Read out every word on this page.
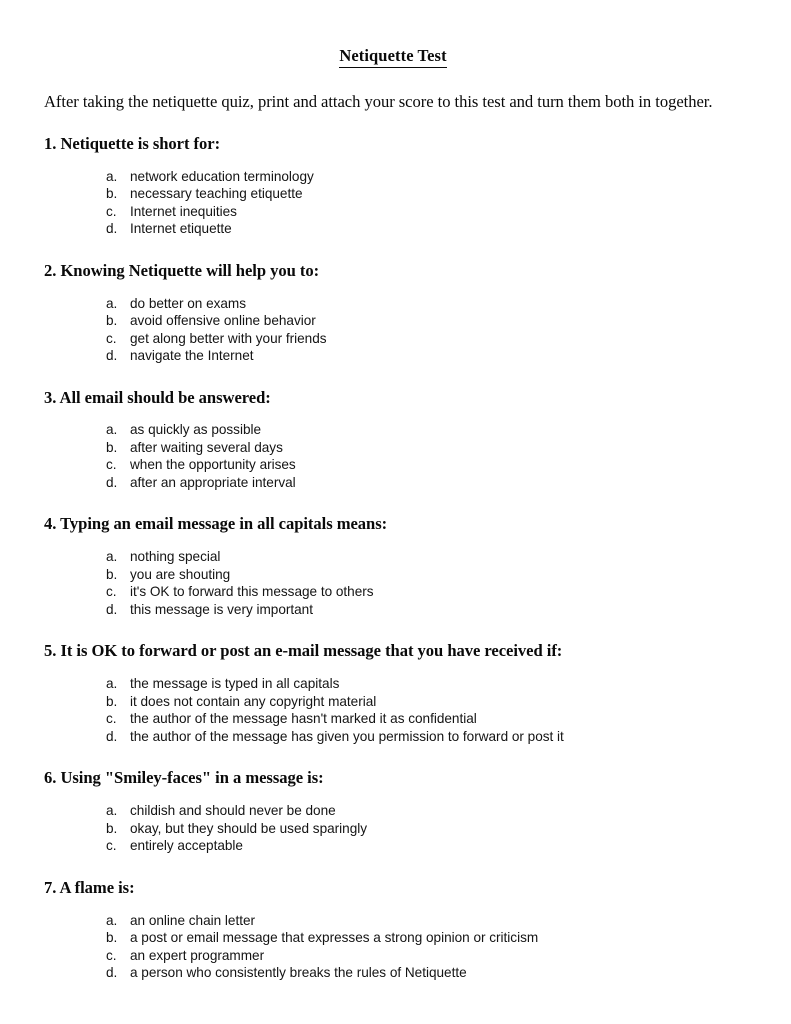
Netiquette Test

After taking the netiquette quiz, print and attach your score to this test and turn them both in together.

1. Netiquette is short for:

a. network education terminology
b. necessary teaching etiquette
c. Internet inequities
d. Internet etiquette

2. Knowing Netiquette will help you to:

a. do better on exams
b. avoid offensive online behavior
c. get along better with your friends
d. navigate the Internet

3. All email should be answered:

a. as quickly as possible
b. after waiting several days
c. when the opportunity arises
d. after an appropriate interval

4. Typing an email message in all capitals means:

a. nothing special
b. you are shouting
c. it's OK to forward this message to others
d. this message is very important

5. It is OK to forward or post an e-mail message that you have received if:

a. the message is typed in all capitals
b. it does not contain any copyright material
c. the author of the message hasn't marked it as confidential
d. the author of the message has given you permission to forward or post it

6. Using "Smiley-faces" in a message is:

a. childish and should never be done
b. okay, but they should be used sparingly
c. entirely acceptable

7. A flame is:

a. an online chain letter
b. a post or email message that expresses a strong opinion or criticism
c. an expert programmer
d. a person who consistently breaks the rules of Netiquette
